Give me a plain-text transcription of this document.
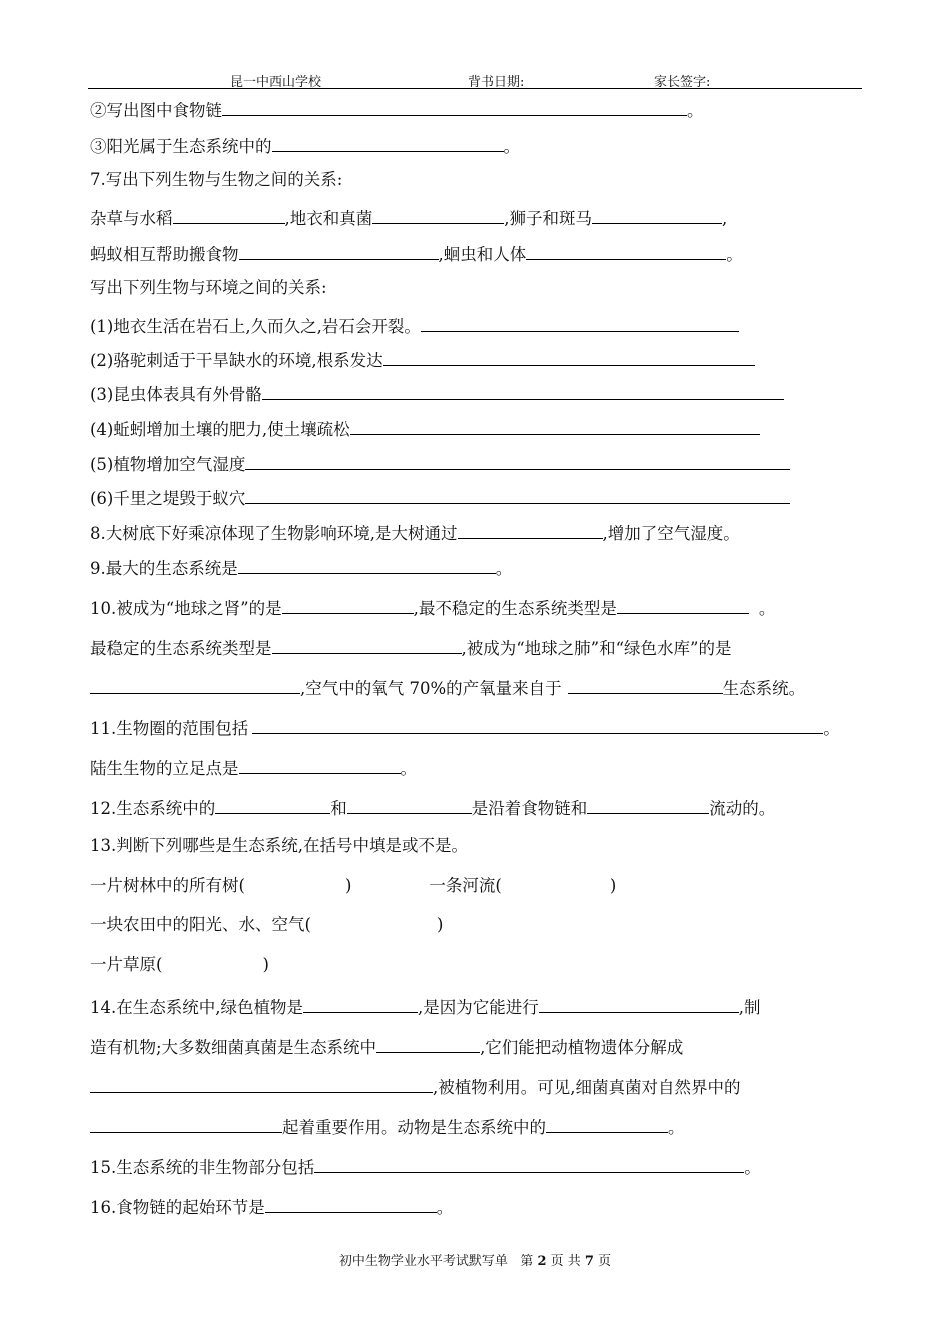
昆一中西山学校	背书日期:	家长签字:
②写出图中食物链	。
③阳光属于生态系统中的	。
7.写出下列生物与生物之间的关系:
杂草与水稻	,地衣和真菌	,狮子和斑马	,
蚂蚁相互帮助搬食物	,蛔虫和人体	。
写出下列生物与环境之间的关系:
(1)地衣生活在岩石上,久而久之,岩石会开裂。
(2)骆驼刺适于干旱缺水的环境,根系发达
(3)昆虫体表具有外骨骼
(4)蚯蚓增加土壤的肥力,使土壤疏松
(5)植物增加空气湿度
(6)千里之堤毁于蚁穴
8.大树底下好乘凉体现了生物影响环境,是大树通过	,增加了空气湿度。
9.最大的生态系统是	。
10.被成为“地球之肾”的是	,最不稳定的生态系统类型是	。
最稳定的生态系统类型是	,被成为“地球之肺”和“绿色水库”的是
,空气中的氧气 70%的产氧量来自于	生态系统。
11.生物圈的范围包括	。
陆生生物的立足点是	。
12.生态系统中的	和	是沿着食物链和	流动的。
13.判断下列哪些是生态系统,在括号中填是或不是。
一片树林中的所有树(	)	一条河流(	)
一块农田中的阳光、水、空气(	)
一片草原(	)
14.在生态系统中,绿色植物是	,是因为它能进行	,制
造有机物;大多数细菌真菌是生态系统中	,它们能把动植物遗体分解成
,被植物利用。可见,细菌真菌对自然界中的
起着重要作用。动物是生态系统中的	。
15.生态系统的非生物部分包括	。
16.食物链的起始环节是	。
初中生物学业水平考试默写单 第 2 页 共 7 页
